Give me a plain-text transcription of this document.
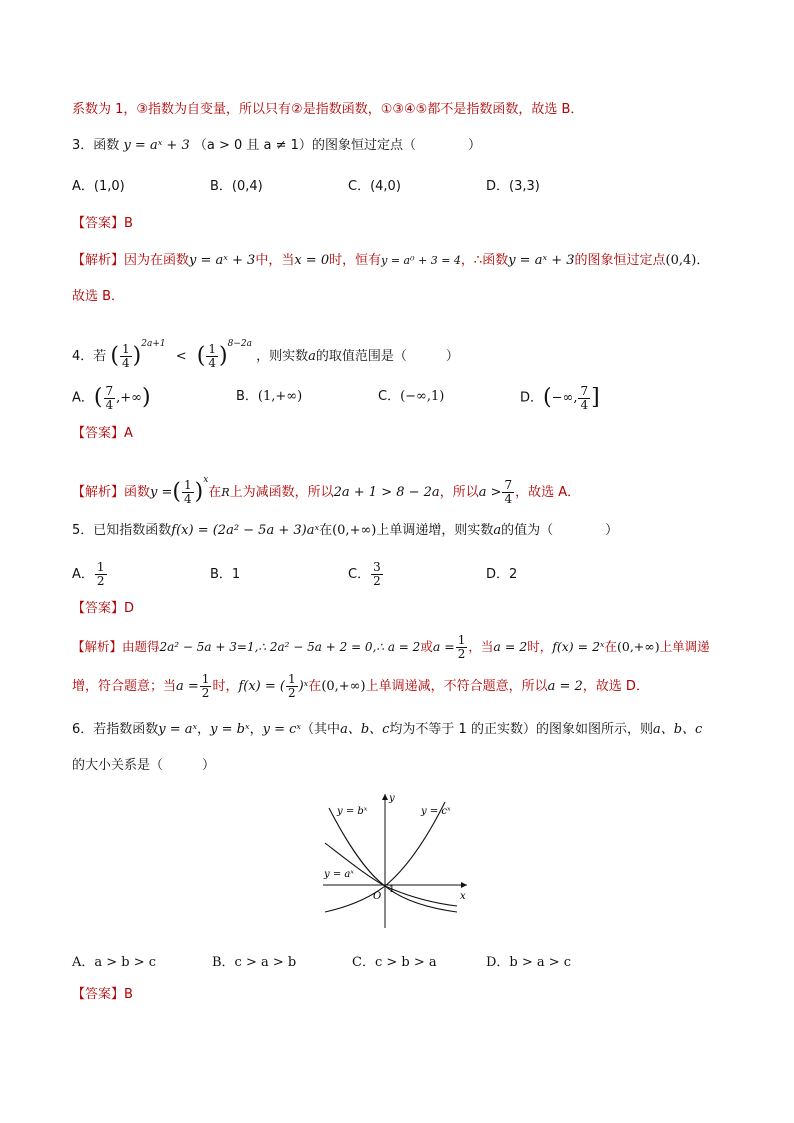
系数为 1，③指数为自变量，所以只有②是指数函数，①③④⑤都不是指数函数，故选 B．
3．函数 y = aˣ + 3 （a > 0 且 a ≠ 1）的图象恒过定点（　　　　）
A．(1,0)	B．(0,4)	C．(4,0)	D．(3,3)
【答案】B
【解析】因为在函数y = aˣ + 3中，当x = 0时，恒有y = a⁰ + 3 = 4，∴函数y = aˣ + 3的图象恒过定点(0,4)．
故选 B．
4．若 ( $\frac{1}{4} )^{2a+1}$ < ( $\frac{1}{4} )^{8-2a}$ ，则实数a的取值范围是（　　　）
A．( $\frac{7}{4}$ ,+∞)	B．(1,+∞)	C．(−∞,1)	D．(−∞, $\frac{7}{4}$ ]
【答案】A
【解析】函数y =( $\frac{1}{4} )^x$在R上为减函数，所以2a + 1 > 8 − 2a，所以$a > \frac{7}{4}$ ，故选 A．
5．已知指数函数f(x) = (2a² − 5a + 3)aˣ在(0,+∞)上单调递增，则实数a的值为（　　　　）
A． $\frac{1}{2}$	B．1	C． $\frac{3}{2}$	D．2
【答案】D
【解析】由题得2a² − 5a + 3=1,∴ 2a² − 5a + 2 = 0,∴ a = 2或$a = \frac{1}{2}$ ，当a = 2时，f(x) = 2ˣ在(0,+∞)上单调递
增，符合题意；当$a = \frac{1}{2}$ 时，f(x) = ( $\frac{1}{2}$ )ˣ在(0,+∞)上单调递减，不符合题意，所以a = 2，故选 D．
6．若指数函数y = aˣ，y = bˣ，y = cˣ（其中a、b、c均为不等于 1 的正实数）的图象如图所示，则a、b、c
的大小关系是（　　　）
y = bˣ	y = cˣ
y = aˣ
y
x
O
1
A．a > b > c	B．c > a > b	C．c > b > a	D．b > a > c
【答案】B
